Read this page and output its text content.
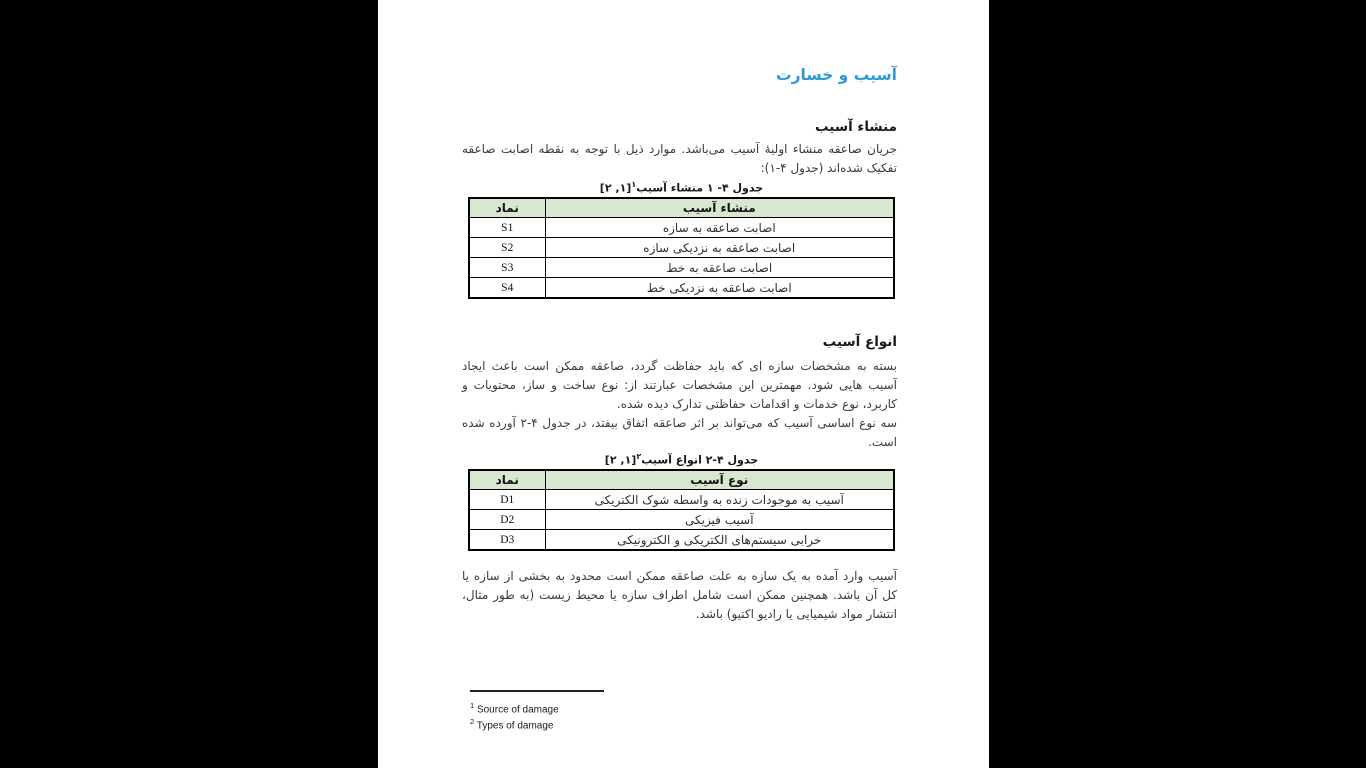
آسیب و خسارت
منشاء آسیب

جریان صاعقه منشاء اولیۀ آسیب می‌باشد. موارد ذیل با توجه به نقطه اصابت صاعقه تفکیک شده‌اند (جدول ۴-۱):

جدول ۴- ۱ منشاء آسیب$^۱$[۱, ۲]
نماد	منشاء آسیب
S1	اصابت صاعقه به سازه
S2	اصابت صاعقه به نزدیکی سازه
S3	اصابت صاعقه به خط
S4	اصابت صاعقه به نزدیکی خط
انواع آسیب

بسته به مشخصات سازه ای که باید حفاظت گردد، صاعقه ممکن است باعث ایجاد آسیب هایی شود. مهمترین این مشخصات عبارتند از: نوع ساخت و ساز، محتویات و کاربرد، نوع خدمات و اقدامات حفاظتی تدارک دیده شده.

سه نوع اساسی آسیب که می‌تواند بر اثر صاعقه اتفاق بیفتد، در جدول ۴-۲ آورده شده است.

جدول ۴-۲ انواع آسیب$^۲$[۱, ۲]
نماد	نوع آسیب
D1	آسیب به موجودات زنده به واسطه شوک الکتریکی
D2	آسیب فیزیکی
D3	خرابی سیستم‌های الکتریکی و الکترونیکی

آسیب وارد آمده به یک سازه به علت صاعقه ممکن است محدود به بخشی از سازه یا کل آن باشد. همچنین ممکن است شامل اطراف سازه یا محیط زیست (به طور مثال، انتشار مواد شیمیایی یا رادیو اکتیو) باشد.

$^1$ Source of damage
$^2$ Types of damage
